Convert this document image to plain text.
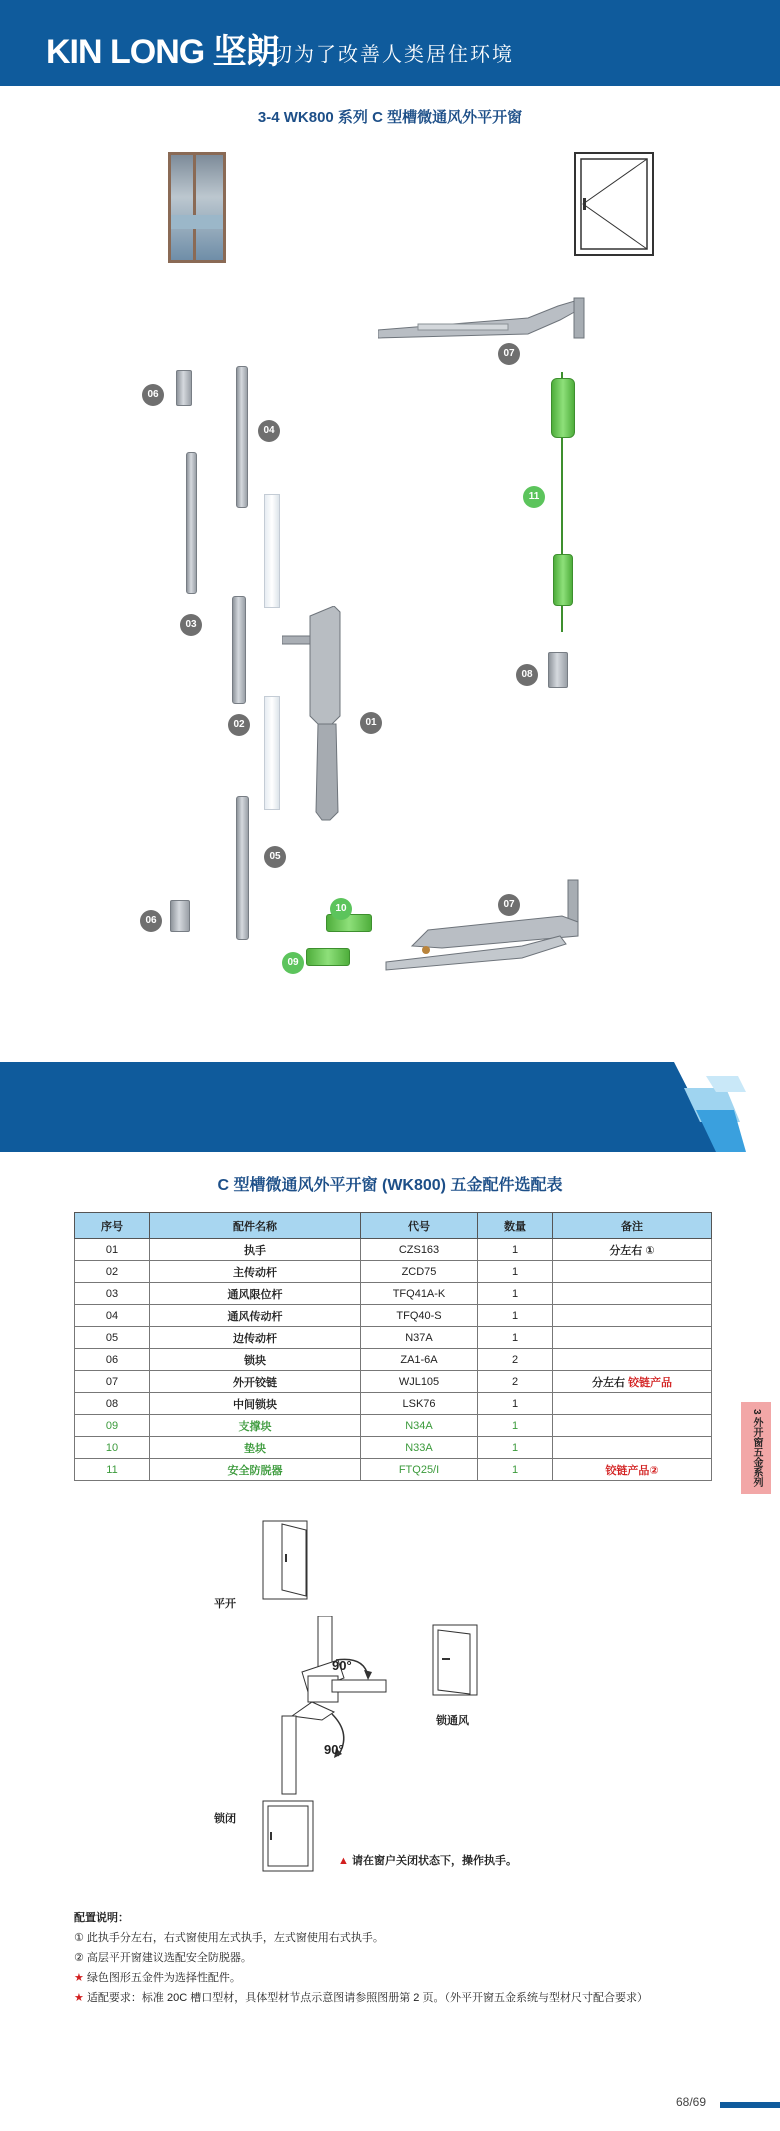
KIN LONG 坚朗
一切为了改善人类居住环境
3-4 WK800 系列 C 型槽微通风外平开窗
07
06
04
03
02	01
05
06
11
08
07
10
09
C 型槽微通风外平开窗 (WK800) 五金配件选配表
序号	配件名称	代号	数量	备注
01	执手	CZS163	1	分左右 ①
02	主传动杆	ZCD75	1	
03	通风限位杆	TFQ41A-K	1	
04	通风传动杆	TFQ40-S	1	
05	边传动杆	N37A	1	
06	锁块	ZA1-6A	2	
07	外开铰链	WJL105	2	分左右 铰链产品
08	中间锁块	LSK76	1	
09	支撑块	N34A	1	
10	垫块	N33A	1	
11	安全防脱器	FTQ25/I	1	铰链产品②	3 外开窗五金系列
平开
90°
90°
锁通风
锁闭
▲ 请在窗户关闭状态下，操作执手。
配置说明：
① 此执手分左右，右式窗使用左式执手，左式窗使用右式执手。
② 高层平开窗建议选配安全防脱器。
★ 绿色图形五金件为选择性配件。
★ 适配要求：标准 20C 槽口型材，具体型材节点示意图请参照图册第 2 页。（外平开窗五金系统与型材尺寸配合要求）
68/69
